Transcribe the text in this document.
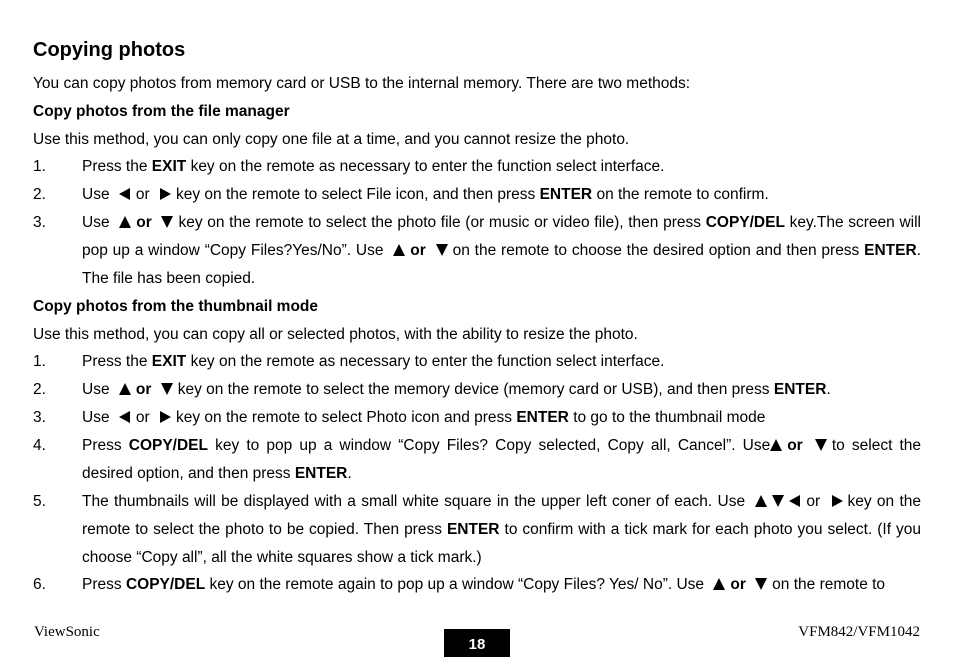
Copying photos
You can copy photos from memory card or USB to the internal memory. There are two methods:
Copy photos from the file manager
Use this method, you can only copy one file at a time, and you cannot resize the photo.
1.	Press the EXIT key on the remote as necessary to enter the function select interface.
2.	Use or key on the remote to select File icon, and then press ENTER on the remote to confirm.
3.	Use or key on the remote to select the photo file (or music or video file), then press COPY/DEL key.The screen will pop up a window “Copy Files?Yes/No”. Use or on the remote to choose the desired option and then press ENTER. The file has been copied.
Copy photos from the thumbnail mode
Use this method, you can copy all or selected photos, with the ability to resize the photo.
1.	Press the EXIT key on the remote as necessary to enter the function select interface.
2.	Use or key on the remote to select the memory device (memory card or USB), and then press ENTER.
3.	Use or key on the remote to select Photo icon and press ENTER to go to the thumbnail mode
4.	Press COPY/DEL key to pop up a window “Copy Files? Copy selected, Copy all, Cancel”. Use or to select the desired option, and then press ENTER.
5.	The thumbnails will be displayed with a small white square in the upper left coner of each. Use	or key on the remote to select the photo to be copied. Then press ENTER to confirm with a tick mark for each photo you select. (If you choose “Copy all”, all the white squares show a tick mark.)
6.	Press COPY/DEL key on the remote again to pop up a window “Copy Files? Yes/ No”. Use or on the remote to
ViewSonic
18
VFM842/VFM1042
